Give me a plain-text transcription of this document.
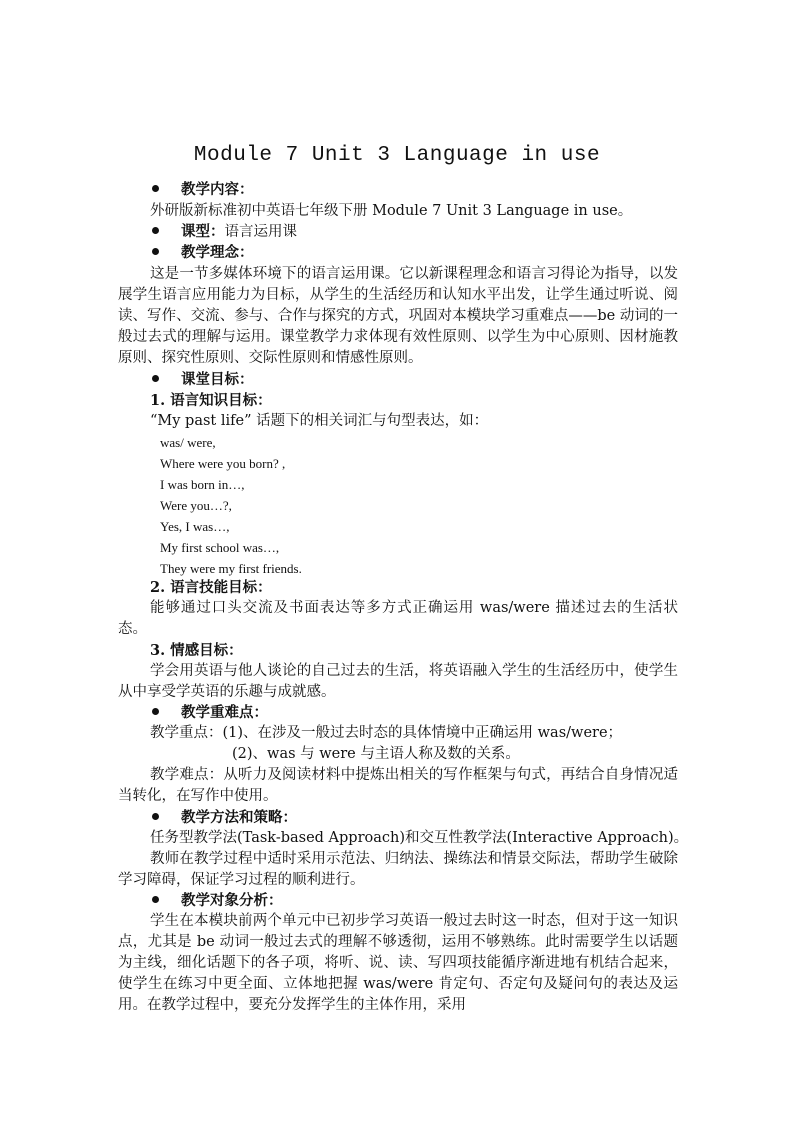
Module 7 Unit 3 Language in use
教学内容：
外研版新标准初中英语七年级下册 Module 7 Unit 3 Language in use。
课型：语言运用课
教学理念：
这是一节多媒体环境下的语言运用课。它以新课程理念和语言习得论为指导，以发展学生语言应用能力为目标，从学生的生活经历和认知水平出发，让学生通过听说、阅读、写作、交流、参与、合作与探究的方式，巩固对本模块学习重难点——be 动词的一般过去式的理解与运用。课堂教学力求体现有效性原则、以学生为中心原则、因材施教原则、探究性原则、交际性原则和情感性原则。
课堂目标：
1. 语言知识目标：
“My past life” 话题下的相关词汇与句型表达，如：
was/ were,
Where were you born? ,
I was born in…,
Were you…?,
Yes, I was…,
My first school was…,
They were my first friends.
2. 语言技能目标：
能够通过口头交流及书面表达等多方式正确运用 was/were 描述过去的生活状态。
3. 情感目标：
学会用英语与他人谈论的自己过去的生活，将英语融入学生的生活经历中，使学生从中享受学英语的乐趣与成就感。
教学重难点：
教学重点：(1)、在涉及一般过去时态的具体情境中正确运用 was/were；
(2)、was 与 were 与主语人称及数的关系。
教学难点：从听力及阅读材料中提炼出相关的写作框架与句式，再结合自身情况适当转化，在写作中使用。
教学方法和策略：
任务型教学法(Task-based Approach)和交互性教学法(Interactive Approach)。
教师在教学过程中适时采用示范法、归纳法、操练法和情景交际法，帮助学生破除学习障碍，保证学习过程的顺利进行。
教学对象分析：
学生在本模块前两个单元中已初步学习英语一般过去时这一时态，但对于这一知识点，尤其是 be 动词一般过去式的理解不够透彻，运用不够熟练。此时需要学生以话题为主线，细化话题下的各子项，将听、说、读、写四项技能循序渐进地有机结合起来，使学生在练习中更全面、立体地把握 was/were 肯定句、否定句及疑问句的表达及运用。在教学过程中，要充分发挥学生的主体作用，采用
